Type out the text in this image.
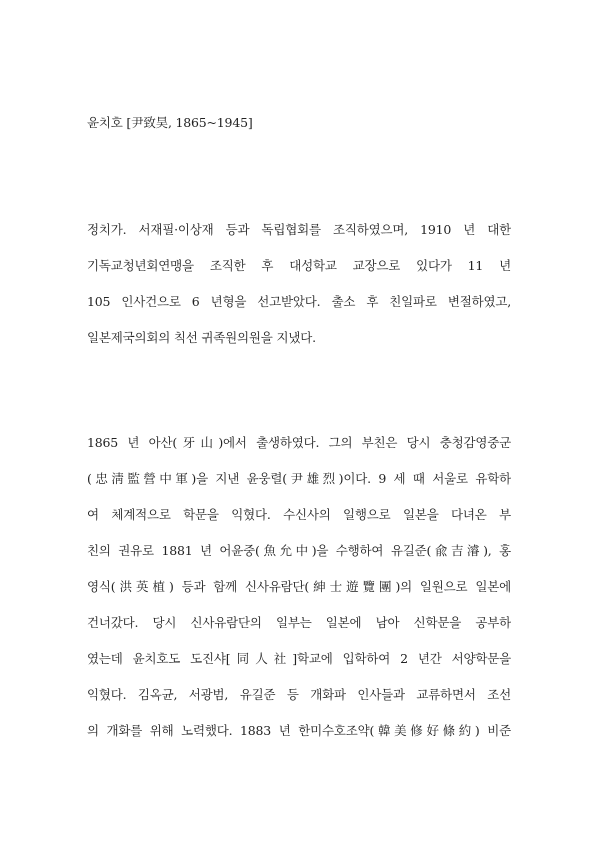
윤치호 [尹致昊, 1865~1945]
정치가. 서재필·이상재 등과 독립협회를 조직하였으며, 1910 년 대한
기독교청년회연맹을 조직한 후 대성학교 교장으로 있다가 11 년
105 인사건으로 6 년형을 선고받았다. 출소 후 친일파로 변절하였고,
일본제국의회의 칙선 귀족원의원을 지냈다.
1865 년 아산(牙山)에서 출생하였다. 그의 부친은 당시 충청감영중군
(忠淸監營中軍)을 지낸 윤웅렬(尹雄烈)이다. 9 세 때 서울로 유학하
여 체계적으로 학문을 익혔다. 수신사의 일행으로 일본을 다녀온 부
친의 권유로 1881 년 어윤중(魚允中)을 수행하여 유길준(兪吉濬), 홍
영식(洪英植) 등과 함께 신사유람단(紳士遊覽團)의 일원으로 일본에
건너갔다. 당시 신사유람단의 일부는 일본에 남아 신학문을 공부하
였는데 윤치호도 도진샤[同人社]학교에 입학하여 2 년간 서양학문을
익혔다. 김옥균, 서광범, 유길준 등 개화파 인사들과 교류하면서 조선
의 개화를 위해 노력했다. 1883 년 한미수호조약(韓美修好條約) 비준
